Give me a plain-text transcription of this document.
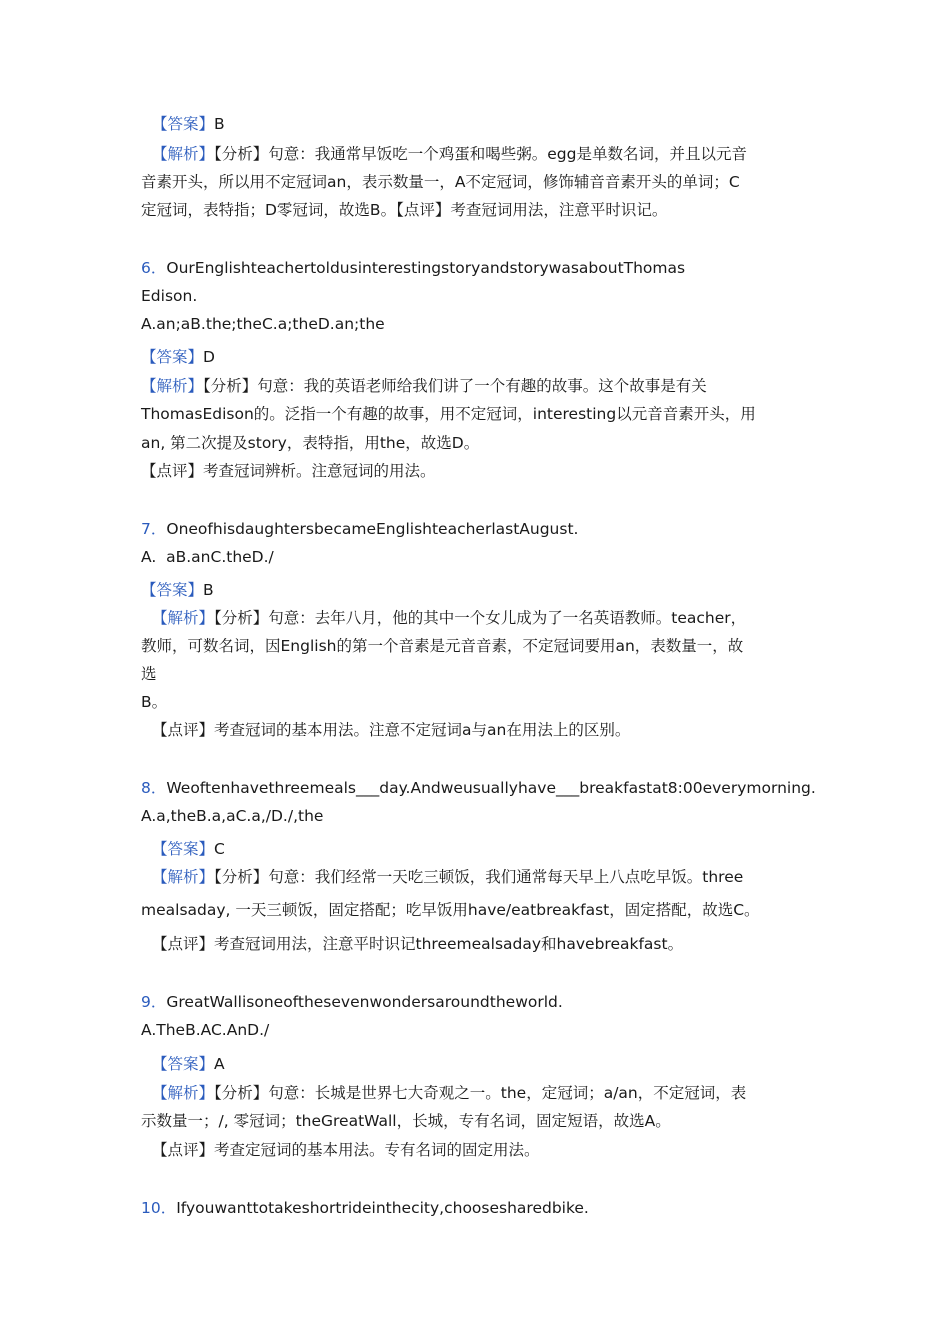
【答案】B
【解析】【分析】句意：我通常早饭吃一个鸡蛋和喝些粥。egg是单数名词，并且以元音
音素开头，所以用不定冠词an，表示数量一，A不定冠词，修饰辅音音素开头的单词；C
定冠词，表特指；D零冠词，故选B。【点评】考查冠词用法，注意平时识记。
6．OurEnglishteachertoldusinterestingstoryandstorywasaboutThomas
Edison.
A.an;aB.the;theC.a;theD.an;the
【答案】D
【解析】【分析】句意：我的英语老师给我们讲了一个有趣的故事。这个故事是有关
ThomasEdison的。泛指一个有趣的故事，用不定冠词，interesting以元音音素开头，用
an, 第二次提及story，表特指，用the，故选D。
【点评】考查冠词辨析。注意冠词的用法。
7．OneofhisdaughtersbecameEnglishteacherlastAugust.
A.  aB.anC.theD./
【答案】B
【解析】【分析】句意：去年八月，他的其中一个女儿成为了一名英语教师。teacher，
教师，可数名词，因English的第一个音素是元音音素，不定冠词要用an，表数量一，故
选
B。
【点评】考查冠词的基本用法。注意不定冠词a与an在用法上的区别。
8．Weoftenhavethreemeals___day.Andweusuallyhave___breakfastat8:00everymorning.
A.a,theB.a,aC.a,/D./,the
【答案】C
【解析】【分析】句意：我们经常一天吃三顿饭，我们通常每天早上八点吃早饭。three
mealsaday, 一天三顿饭，固定搭配；吃早饭用have/eatbreakfast，固定搭配，故选C。
【点评】考查冠词用法，注意平时识记threemealsaday和havebreakfast。
9．GreatWallisoneofthesevenwondersaroundtheworld.
A.TheB.AC.AnD./
【答案】A
【解析】【分析】句意：长城是世界七大奇观之一。the，定冠词；a/an，不定冠词，表
示数量一；/, 零冠词；theGreatWall，长城，专有名词，固定短语，故选A。
【点评】考查定冠词的基本用法。专有名词的固定用法。
10．Ifyouwanttotakeshortrideinthecity,choosesharedbike.
